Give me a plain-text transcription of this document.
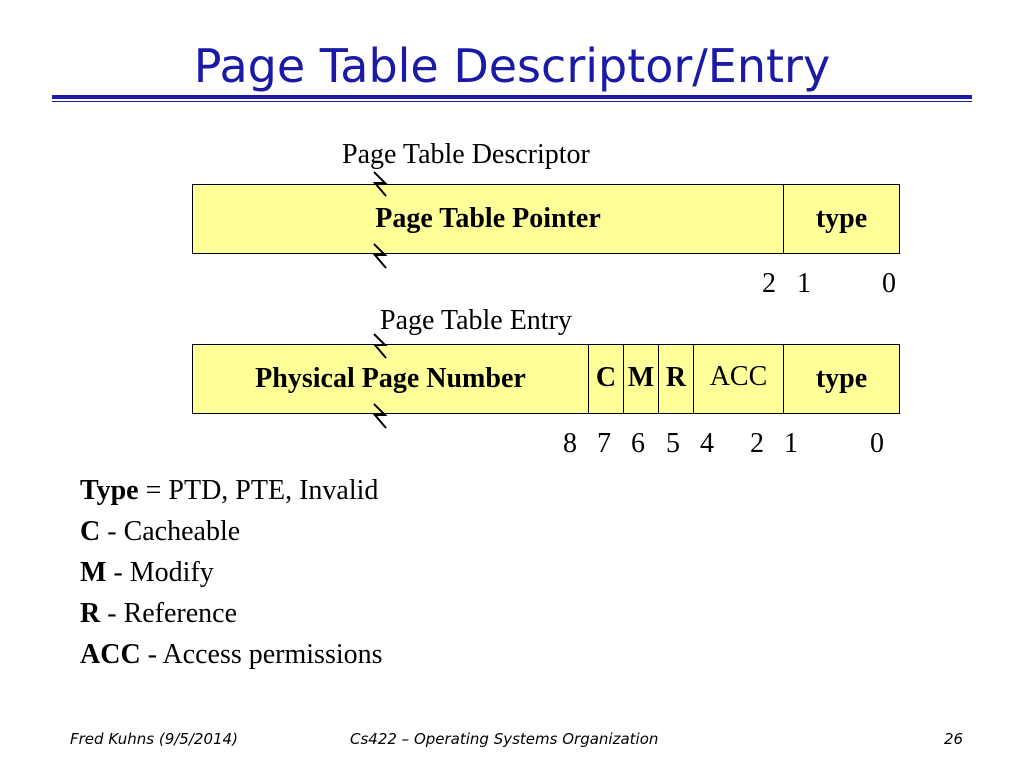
Page Table Descriptor/Entry
Page Table Descriptor
Page Table Pointer	type
2 1	0
Page Table Entry
Physical Page Number	C M R ACC	type
8 7 6 5 4 2 1	0
Type = PTD, PTE, Invalid
C - Cacheable
M - Modify
R - Reference
ACC - Access permissions
Fred Kuhns (9/5/2014)	Cs422 – Operating Systems Organization	26
